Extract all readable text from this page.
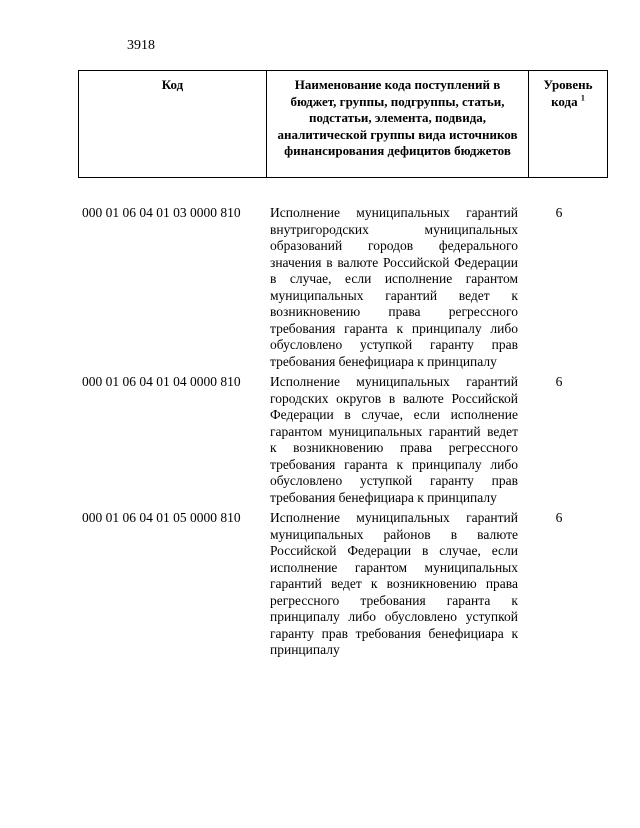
3918
Код	Наименование кода поступлений в бюджет, группы, подгруппы, статьи, подстатьи, элемента, подвида, аналитической группы вида источников финансирования дефицитов бюджетов	Уровень кода $^1$
000 01 06 04 01 03 0000 810	Исполнение муниципальных гарантий внутригородских муниципальных образований городов федерального значения в валюте Российской Федерации в случае, если исполнение гарантом муниципальных гарантий ведет к возникновению права регрессного требования гаранта к принципалу либо обусловлено уступкой гаранту прав требования бенефициара к принципалу	6
000 01 06 04 01 04 0000 810	Исполнение муниципальных гарантий городских округов в валюте Российской Федерации в случае, если исполнение гарантом муниципальных гарантий ведет к возникновению права регрессного требования гаранта к принципалу либо обусловлено уступкой гаранту прав требования бенефициара к принципалу	6
000 01 06 04 01 05 0000 810	Исполнение муниципальных гарантий муниципальных районов в валюте Российской Федерации в случае, если исполнение гарантом муниципальных гарантий ведет к возникновению права регрессного требования гаранта к принципалу либо обусловлено уступкой гаранту прав требования бенефициара к принципалу	6
